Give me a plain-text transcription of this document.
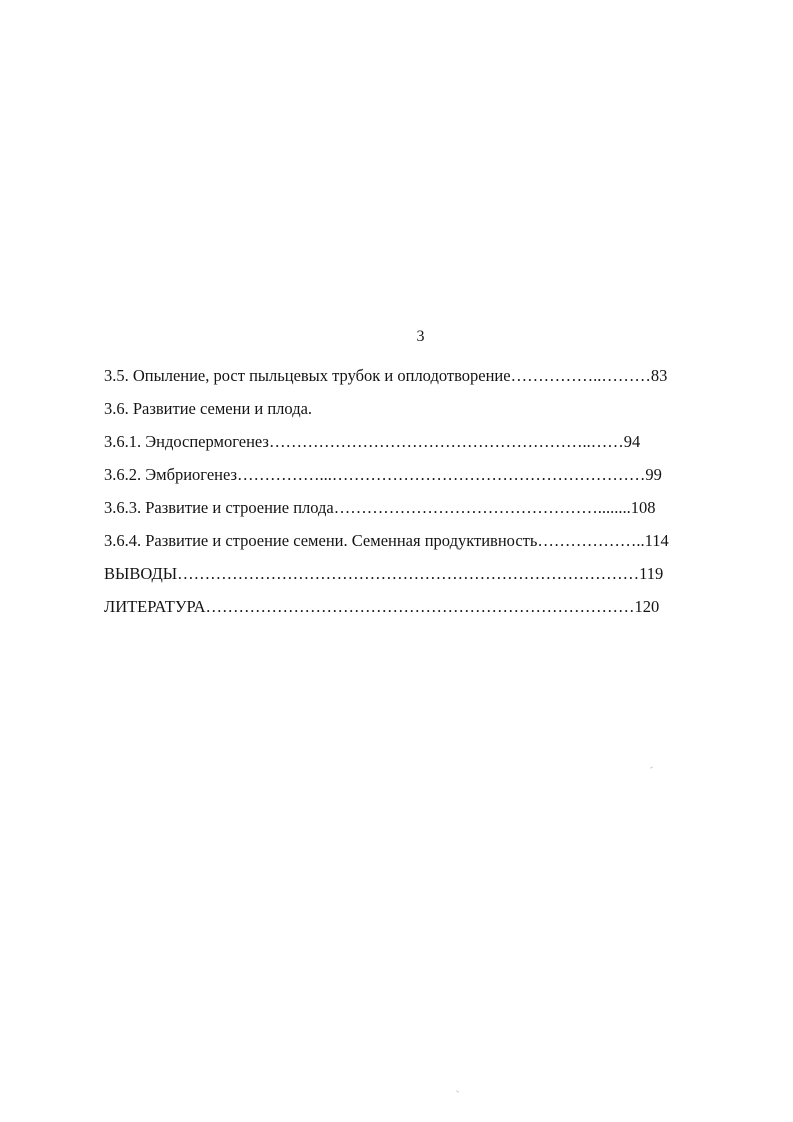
3
3.5. Опыление, рост пыльцевых трубок и оплодотворение……………..………83
3.6. Развитие семени и плода.
3.6.1. Эндоспермогенез…………………………………………………..……94
3.6.2. Эмбриогенез……………...…………………………………………………99
3.6.3. Развитие и строение плода…………………………………………........108
3.6.4. Развитие и строение семени. Семенная продуктивность………………..114
ВЫВОДЫ…………………………………………………………………………119
ЛИТЕРАТУРА……………………………………………………………………120
